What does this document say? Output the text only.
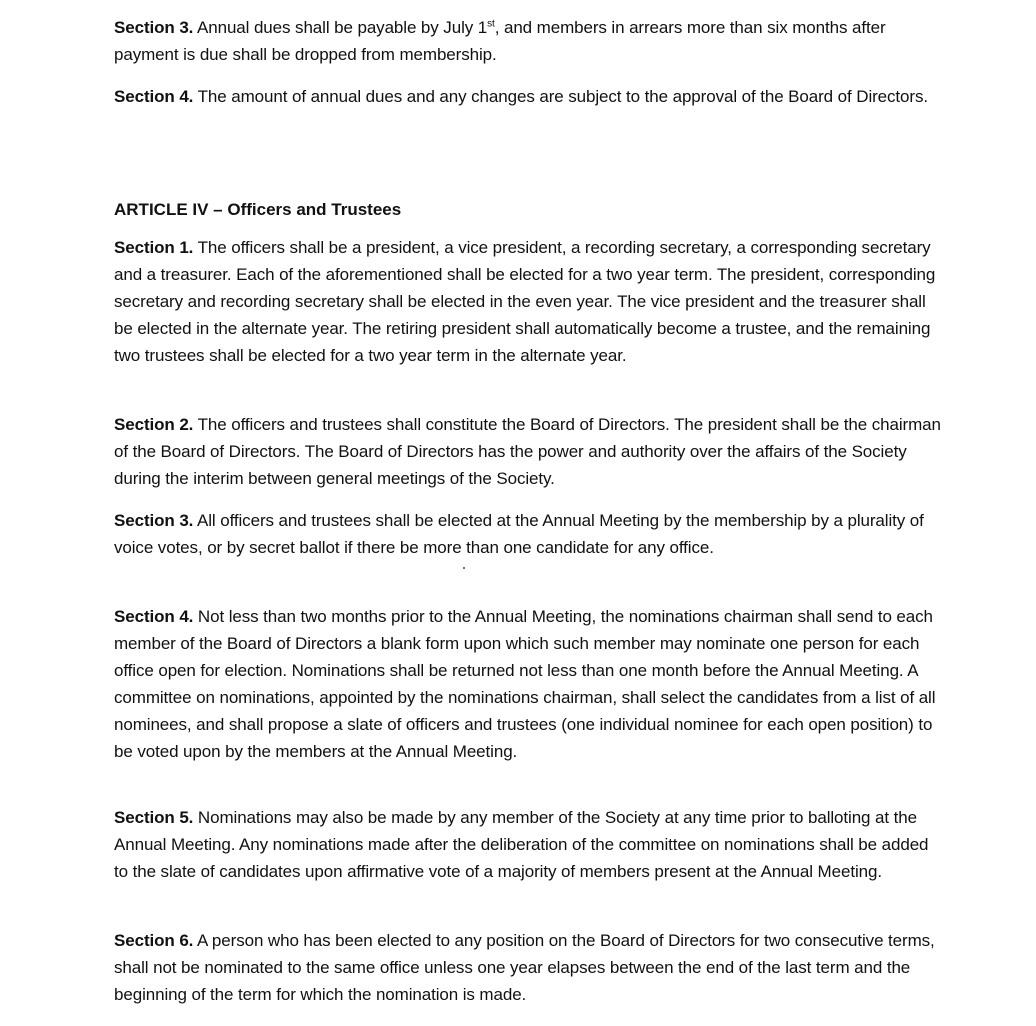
Section 3. Annual dues shall be payable by July 1st, and members in arrears more than six months after payment is due shall be dropped from membership.

Section 4. The amount of annual dues and any changes are subject to the approval of the Board of Directors.

ARTICLE IV – Officers and Trustees

Section 1. The officers shall be a president, a vice president, a recording secretary, a corresponding secretary and a treasurer. Each of the aforementioned shall be elected for a two year term. The president, corresponding secretary and recording secretary shall be elected in the even year. The vice president and the treasurer shall be elected in the alternate year. The retiring president shall automatically become a trustee, and the remaining two trustees shall be elected for a two year term in the alternate year.

Section 2. The officers and trustees shall constitute the Board of Directors. The president shall be the chairman of the Board of Directors. The Board of Directors has the power and authority over the affairs of the Society during the interim between general meetings of the Society.

Section 3. All officers and trustees shall be elected at the Annual Meeting by the membership by a plurality of voice votes, or by secret ballot if there be more than one candidate for any office.

Section 4. Not less than two months prior to the Annual Meeting, the nominations chairman shall send to each member of the Board of Directors a blank form upon which such member may nominate one person for each office open for election. Nominations shall be returned not less than one month before the Annual Meeting. A committee on nominations, appointed by the nominations chairman, shall select the candidates from a list of all nominees, and shall propose a slate of officers and trustees (one individual nominee for each open position) to be voted upon by the members at the Annual Meeting.

Section 5. Nominations may also be made by any member of the Society at any time prior to balloting at the Annual Meeting. Any nominations made after the deliberation of the committee on nominations shall be added to the slate of candidates upon affirmative vote of a majority of members present at the Annual Meeting.

Section 6. A person who has been elected to any position on the Board of Directors for two consecutive terms, shall not be nominated to the same office unless one year elapses between the end of the last term and the beginning of the term for which the nomination is made.
